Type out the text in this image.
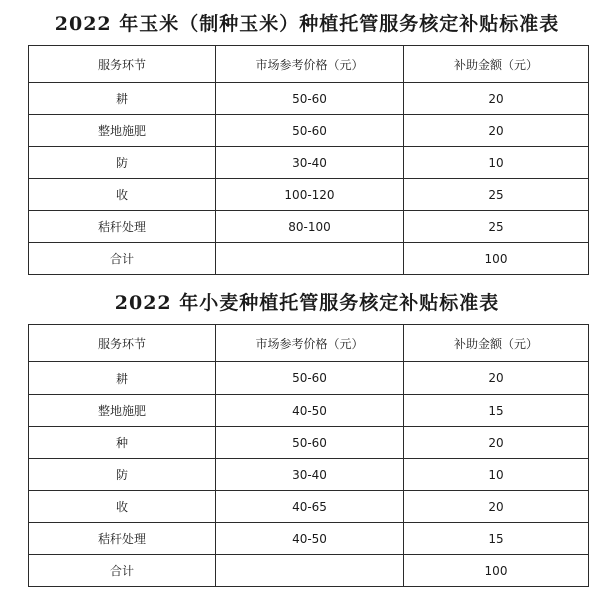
2022 年玉米（制种玉米）种植托管服务核定补贴标准表
服务环节	市场参考价格（元）	补助金额（元）
耕	50-60	20
整地施肥	50-60	20
防	30-40	10
收	100-120	25
秸秆处理	80-100	25
合计		100
2022 年小麦种植托管服务核定补贴标准表
服务环节	市场参考价格（元）	补助金额（元）
耕	50-60	20
整地施肥	40-50	15
种	50-60	20
防	30-40	10
收	40-65	20
秸秆处理	40-50	15
合计		100
